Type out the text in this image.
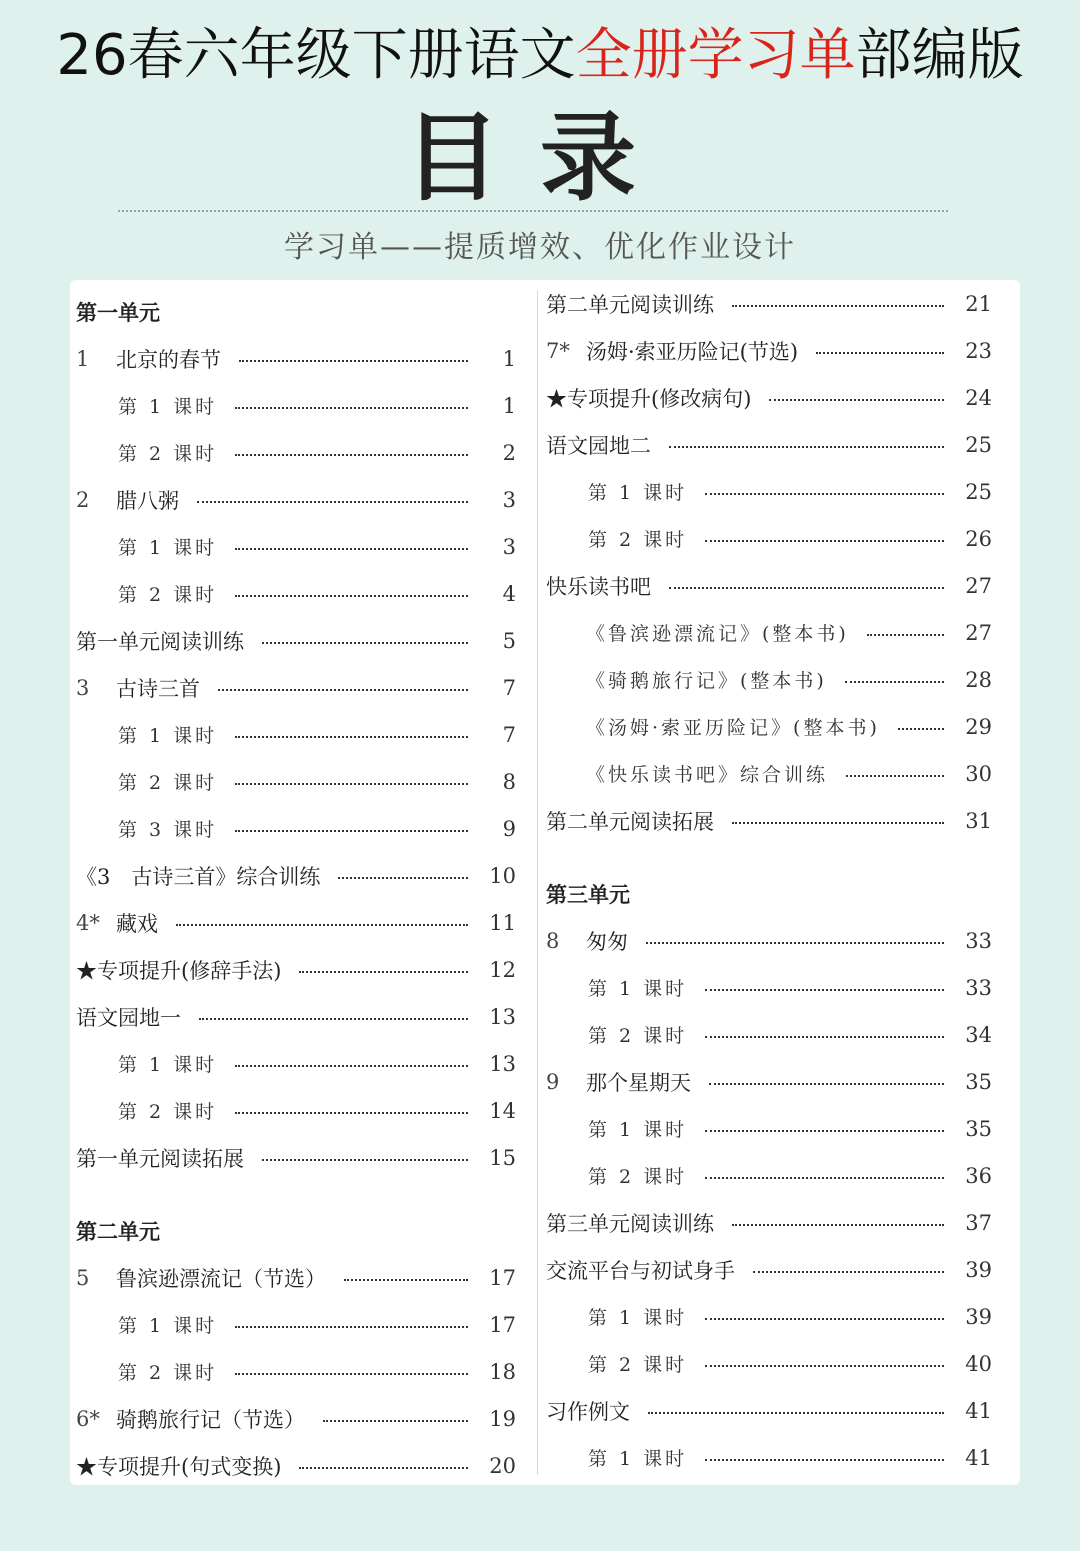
26春六年级下册语文全册学习单部编版
目录
学习单——提质增效、优化作业设计
第一单元
1	北京的春节	1
第 1 课时	1
第 2 课时	2
2	腊八粥	3
第 1 课时	3
第 2 课时	4
第一单元阅读训练	5
3	古诗三首	7
第 1 课时	7
第 2 课时	8
第 3 课时	9
《3　古诗三首》综合训练	10
4* 藏戏	11
★专项提升(修辞手法)	12
语文园地一	13
第 1 课时	13
第 2 课时	14
第一单元阅读拓展	15
第二单元
5	鲁滨逊漂流记（节选）	17
第 1 课时	17
第 2 课时	18
6* 骑鹅旅行记（节选）	19
★专项提升(句式变换)	20
第二单元阅读训练	21
7* 汤姆·索亚历险记(节选)	23
★专项提升(修改病句)	24
语文园地二	25
第 1 课时	25
第 2 课时	26
快乐读书吧	27
《鲁滨逊漂流记》(整本书)	27
《骑鹅旅行记》(整本书)	28
《汤姆·索亚历险记》(整本书)	29
《快乐读书吧》综合训练	30
第二单元阅读拓展	31
第三单元
8	匆匆	33
第 1 课时	33
第 2 课时	34
9	那个星期天	35
第 1 课时	35
第 2 课时	36
第三单元阅读训练	37
交流平台与初试身手	39
第 1 课时	39
第 2 课时	40
习作例文	41
第 1 课时	41
